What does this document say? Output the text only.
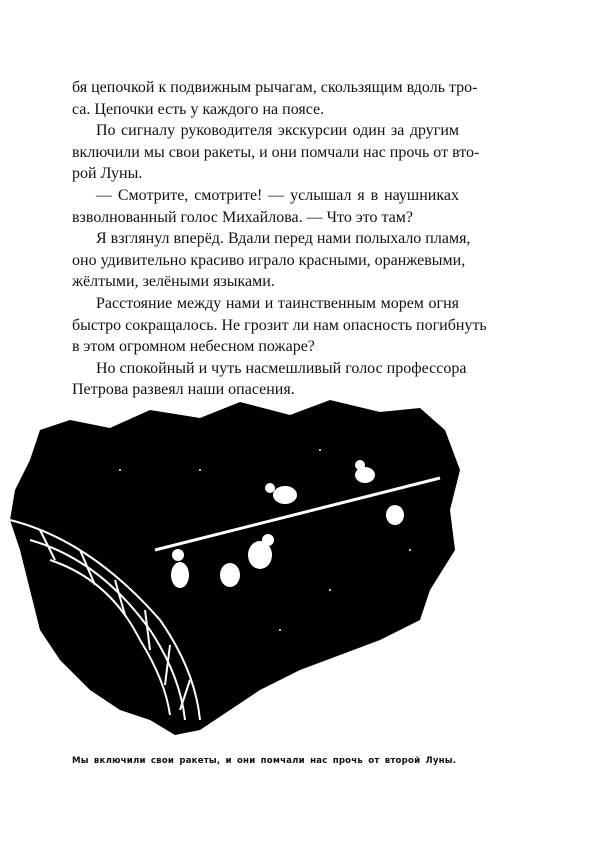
бя цепочкой к подвижным рычагам, скользящим вдоль тро-
са. Цепочки есть у каждого на поясе.
По сигналу руководителя экскурсии один за другим
включили мы свои ракеты, и они помчали нас прочь от вто-
рой Луны.
— Смотрите, смотрите! — услышал я в наушниках
взволнованный голос Михайлова. — Что это там?
Я взглянул вперёд. Вдали перед нами полыхало пламя,
оно удивительно красиво играло красными, оранжевыми,
жёлтыми, зелёными языками.
Расстояние между нами и таинственным морем огня
быстро сокращалось. Не грозит ли нам опасность погибнуть
в этом огромном небесном пожаре?
Но спокойный и чуть насмешливый голос профессора
Петрова развеял наши опасения.
Мы включили свои ракеты, и они помчали нас прочь от второй Луны.
